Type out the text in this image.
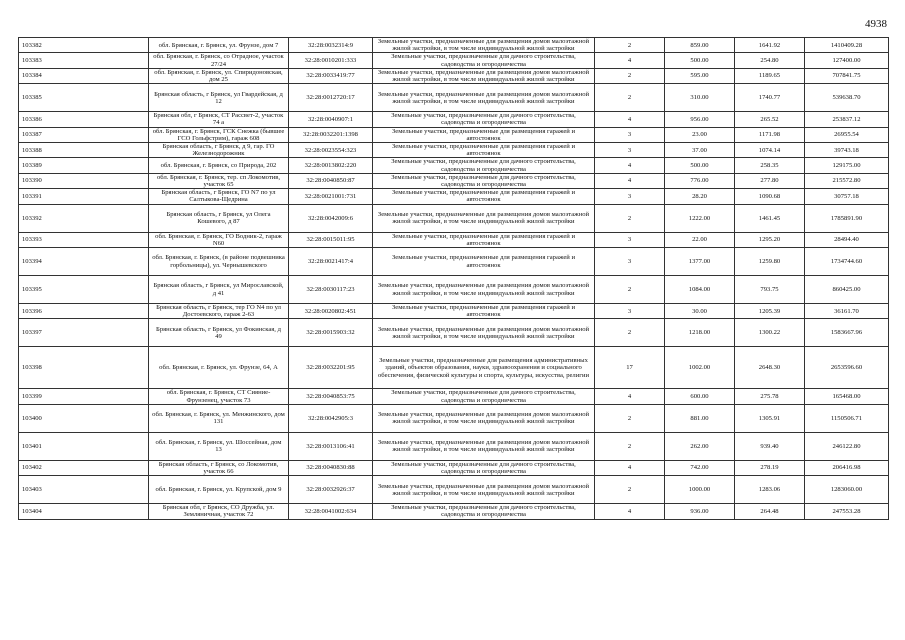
4938
103382	обл. Брянская, г. Брянск, ул. Фрунзе, дом 7	32:28:0032314:9	Земельные участки, предназначенные для размещения домов малоэтажной жилой застройки, в том числе индивидуальной жилой застройки	2	859.00	1641.92	1410409.28
103383	обл. Брянская, г. Брянск, со Отрадное, участок 27/24	32:28:0010201:333	Земельные участки, предназначенные для дачного строительства, садоводства и огородничества	4	500.00	254.80	127400.00
103384	обл. Брянская, г. Брянск, ул. Спиридоновская, дом 25	32:28:0033419:77	Земельные участки, предназначенные для размещения домов малоэтажной жилой застройки, в том числе индивидуальной жилой застройки	2	595.00	1189.65	707841.75
103385	Брянская область, г Брянск, ул Гвардейская, д 12	32:28:0012720:17	Земельные участки, предназначенные для размещения домов малоэтажной жилой застройки, в том числе индивидуальной жилой застройки	2	310.00	1740.77	539638.70
103386	Брянская обл, г Брянск, СТ Рассвет-2, участок 74 а	32:28:0040907:1	Земельные участки, предназначенные для дачного строительства, садоводства и огородничества	4	956.00	265.52	253837.12
103387	обл. Брянская, г. Брянск, ГСК Снежка (бывшее ГСО Гольфстрим), гараж 608	32:28:0032201:1398	Земельные участки, предназначенные для размещения гаражей и автостоянок	3	23.00	1171.98	26955.54
103388	Брянская область, г Брянск, д 9, гар. ГО Железнодорожник	32:28:0023554:323	Земельные участки, предназначенные для размещения гаражей и автостоянок	3	37.00	1074.14	39743.18
103389	обл. Брянская, г. Брянск, со Природа, 202	32:28:0013802:220	Земельные участки, предназначенные для дачного строительства, садоводства и огородничества	4	500.00	258.35	129175.00
103390	обл. Брянская, г. Брянск, тер. сп Локомотив, участок 65	32:28:0040850:87	Земельные участки, предназначенные для дачного строительства, садоводства и огородничества	4	776.00	277.80	215572.80
103391	Брянская область, г Брянск, ГО N7 по ул Салтыкова-Щедрина	32:28:0021001:731	Земельные участки, предназначенные для размещения гаражей и автостоянок	3	28.20	1090.68	30757.18
103392	Брянская область, г Брянск, ул Олега Кошевого, д 87	32:28:0042009:6	Земельные участки, предназначенные для размещения домов малоэтажной жилой застройки, в том числе индивидуальной жилой застройки	2	1222.00	1461.45	1785891.90
103393	обл. Брянская, г. Брянск, ГО Водник-2, гараж N60	32:28:0015011:95	Земельные участки, предназначенные для размещения гаражей и автостоянок	3	22.00	1295.20	28494.40
103394	обл. Брянская, г. Брянск, (в районе подвешника горбольницы), ул. Чернышевского	32:28:0021417:4	Земельные участки, предназначенные для размещения гаражей и автостоянок	3	1377.00	1259.80	1734744.60
103395	Брянская область, г Брянск, ул Мирославской, д 41	32:28:0030117:23	Земельные участки, предназначенные для размещения домов малоэтажной жилой застройки, в том числе индивидуальной жилой застройки	2	1084.00	793.75	860425.00
103396	Брянская область, г Брянск, тер ГО N4 по ул Достоевского, гараж 2-63	32:28:0020802:451	Земельные участки, предназначенные для размещения гаражей и автостоянок	3	30.00	1205.39	36161.70
103397	Брянская область, г Брянск, ул Фокинская, д 49	32:28:0015903:32	Земельные участки, предназначенные для размещения домов малоэтажной жилой застройки, в том числе индивидуальной жилой застройки	2	1218.00	1300.22	1583667.96
103398	обл. Брянская, г. Брянск, ул. Фрунзе, 64, А	32:28:0032201:95	Земельные участки, предназначенные для размещения административных зданий, объектов образования, науки, здравоохранения и социального обеспечения, физической культуры и спорта, культуры, искусства, религии	17	1002.00	2648.30	2653596.60
103399	обл. Брянская, г. Брянск, СТ Сияние-Фрунзенец, участок 73	32:28:0040853:75	Земельные участки, предназначенные для дачного строительства, садоводства и огородничества	4	600.00	275.78	165468.00
103400	обл. Брянская, г. Брянск, ул. Менжинского, дом 131	32:28:0042905:3	Земельные участки, предназначенные для размещения домов малоэтажной жилой застройки, в том числе индивидуальной жилой застройки	2	881.00	1305.91	1150506.71
103401	обл. Брянская, г. Брянск, ул. Шоссейная, дом 13	32:28:0013106:41	Земельные участки, предназначенные для размещения домов малоэтажной жилой застройки, в том числе индивидуальной жилой застройки	2	262.00	939.40	246122.80
103402	Брянская область, г Брянск, со Локомотив, участок 66	32:28:0040830:88	Земельные участки, предназначенные для дачного строительства, садоводства и огородничества	4	742.00	278.19	206416.98
103403	обл. Брянская, г. Брянск, ул. Крупской, дом 9	32:28:0032926:37	Земельные участки, предназначенные для размещения домов малоэтажной жилой застройки, в том числе индивидуальной жилой застройки	2	1000.00	1283.06	1283060.00
103404	Брянская обл, г Брянск, СО Дружба, ул. Земляничная, участок 72	32:28:0041002:634	Земельные участки, предназначенные для дачного строительства, садоводства и огородничества	4	936.00	264.48	247553.28
